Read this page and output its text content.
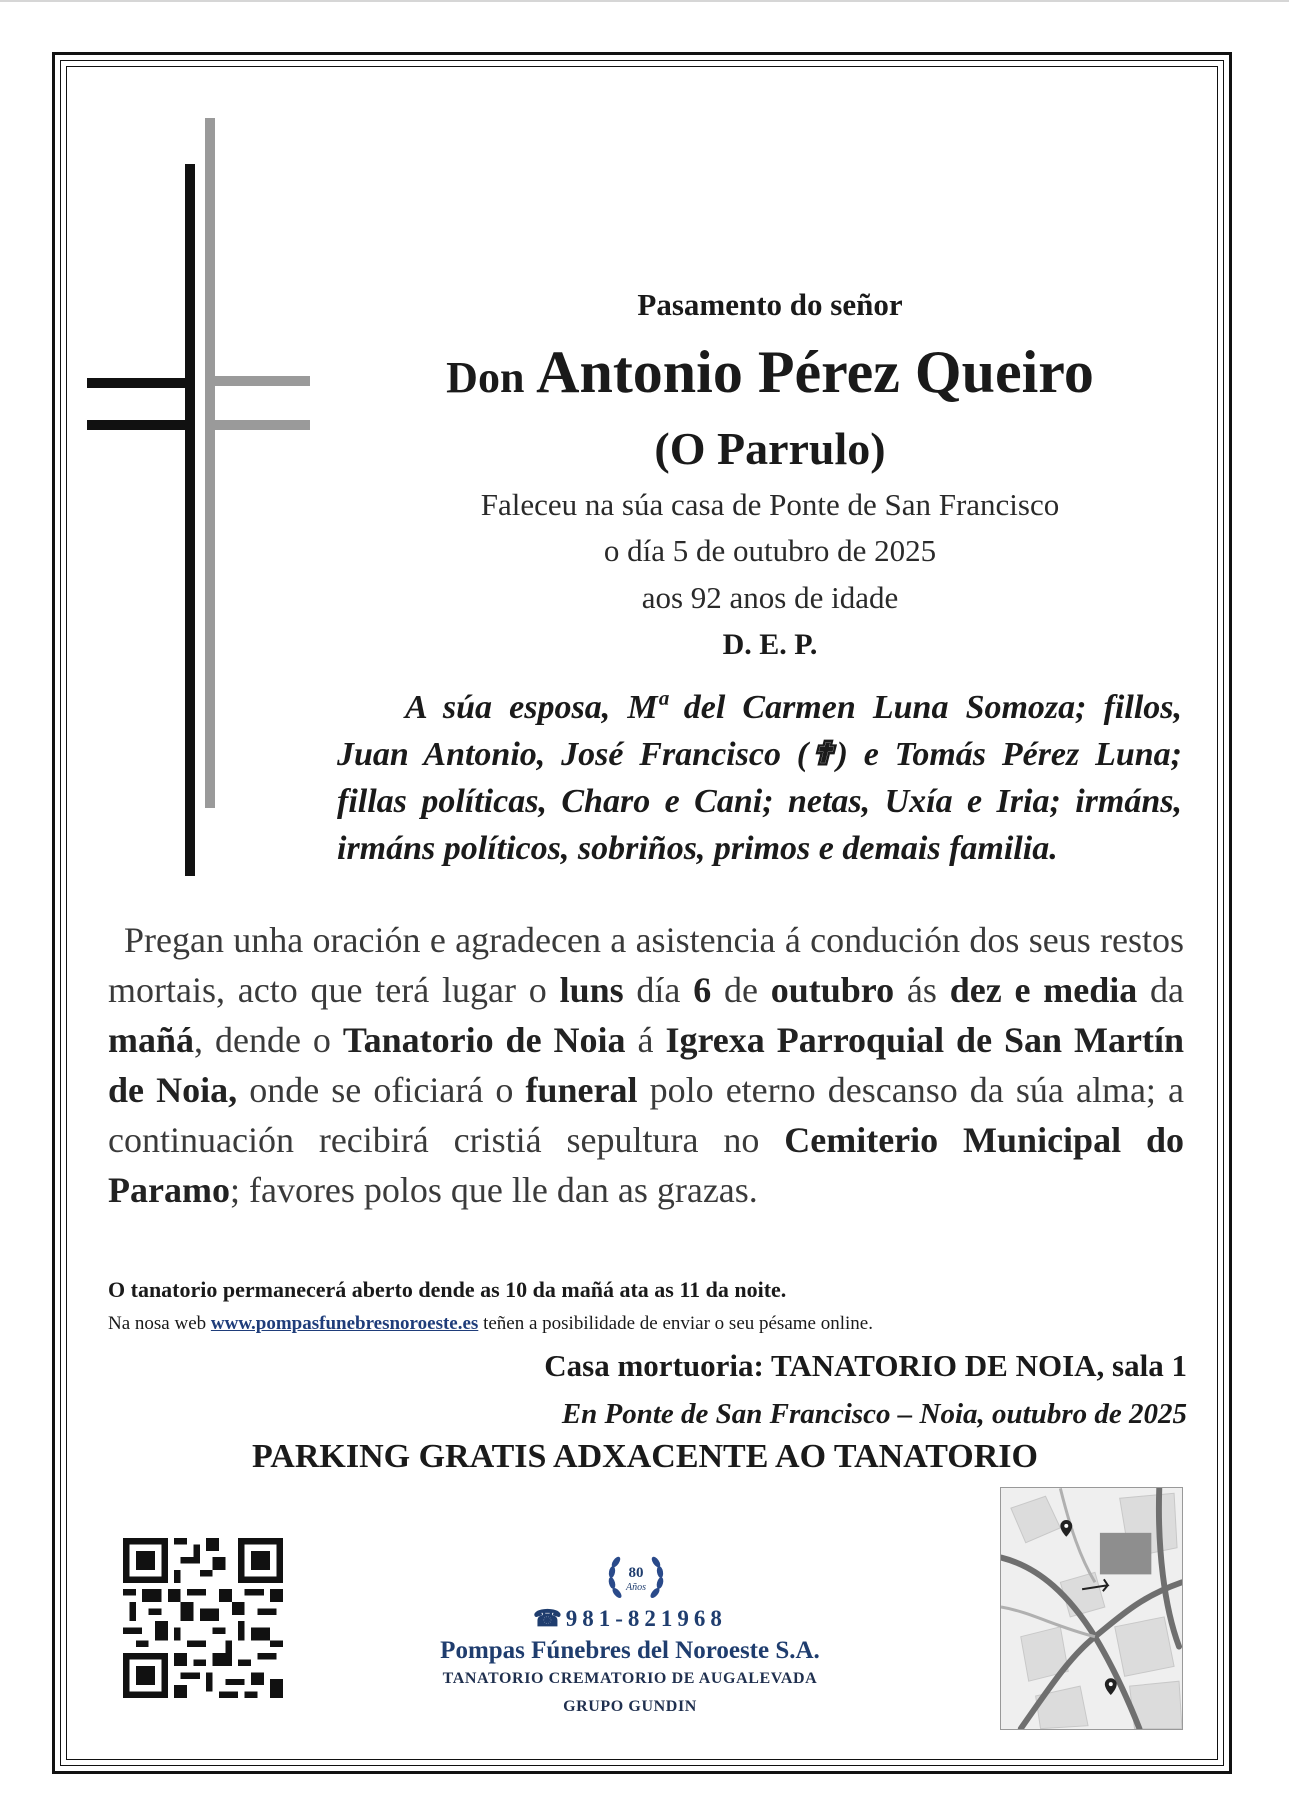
Pasamento do señor
Don Antonio Pérez Queiro
(O Parrulo)
Faleceu na súa casa de Ponte de San Francisco
o día 5 de outubro de 2025
aos 92 anos de idade
D. E. P.
A súa esposa, Mª del Carmen Luna Somoza; fillos, Juan Antonio, José Francisco (✟) e Tomás Pérez Luna; fillas políticas, Charo e Cani; netas, Uxía e Iria; irmáns, irmáns políticos, sobriños, primos e demais familia.
Pregan unha oración e agradecen a asistencia á condución dos seus restos mortais, acto que terá lugar o luns día 6 de outubro ás dez e media da mañá, dende o Tanatorio de Noia á Igrexa Parroquial de San Martín de Noia, onde se oficiará o funeral polo eterno descanso da súa alma; a continuación recibirá cristiá sepultura no Cemiterio Municipal do Paramo; favores polos que lle dan as grazas.
O tanatorio permanecerá aberto dende as 10 da mañá ata as 11 da noite.
Na nosa web www.pompasfunebresnoroeste.es teñen a posibilidade de enviar o seu pésame online.
Casa mortuoria: TANATORIO DE NOIA, sala 1
En Ponte de San Francisco – Noia, outubro de 2025
PARKING GRATIS ADXACENTE AO TANATORIO
80
Años
☎ 981-821968
Pompas Fúnebres del Noroeste S.A.
TANATORIO CREMATORIO DE AUGALEVADA
GRUPO GUNDIN
